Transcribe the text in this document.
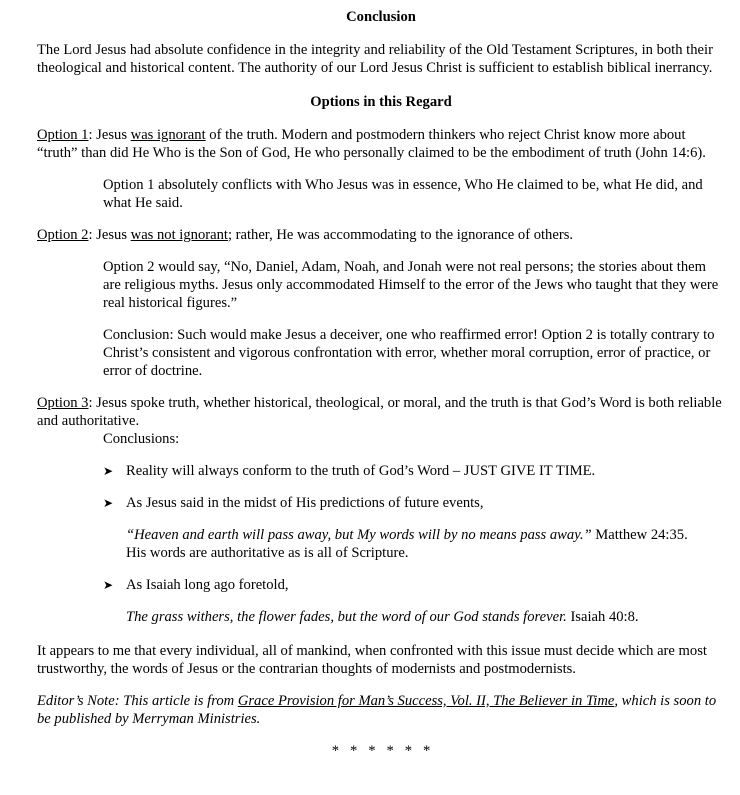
Conclusion

The Lord Jesus had absolute confidence in the integrity and reliability of the Old Testament Scriptures, in both their theological and historical content. The authority of our Lord Jesus Christ is sufficient to establish biblical inerrancy.

Options in this Regard

Option 1: Jesus was ignorant of the truth. Modern and postmodern thinkers who reject Christ know more about “truth” than did He Who is the Son of God, He who personally claimed to be the embodiment of truth (John 14:6).

Option 1 absolutely conflicts with Who Jesus was in essence, Who He claimed to be, what He did, and what He said.

Option 2: Jesus was not ignorant; rather, He was accommodating to the ignorance of others.

Option 2 would say, “No, Daniel, Adam, Noah, and Jonah were not real persons; the stories about them are religious myths. Jesus only accommodated Himself to the error of the Jews who taught that they were real historical figures.”

Conclusion: Such would make Jesus a deceiver, one who reaffirmed error! Option 2 is totally contrary to Christ’s consistent and vigorous confrontation with error, whether moral corruption, error of practice, or error of doctrine.

Option 3: Jesus spoke truth, whether historical, theological, or moral, and the truth is that God’s Word is both reliable and authoritative.

Conclusions:

➤ Reality will always conform to the truth of God’s Word – JUST GIVE IT TIME.
➤ As Jesus said in the midst of His predictions of future events,

“Heaven and earth will pass away, but My words will by no means pass away.” Matthew 24:35.
His words are authoritative as is all of Scripture.

➤ As Isaiah long ago foretold,

The grass withers, the flower fades, but the word of our God stands forever. Isaiah 40:8.

It appears to me that every individual, all of mankind, when confronted with this issue must decide which are most trustworthy, the words of Jesus or the contrarian thoughts of modernists and postmodernists.

Editor’s Note: This article is from Grace Provision for Man’s Success, Vol. II, The Believer in Time, which is soon to be published by Merryman Ministries.

*   *   *   *   *   *
